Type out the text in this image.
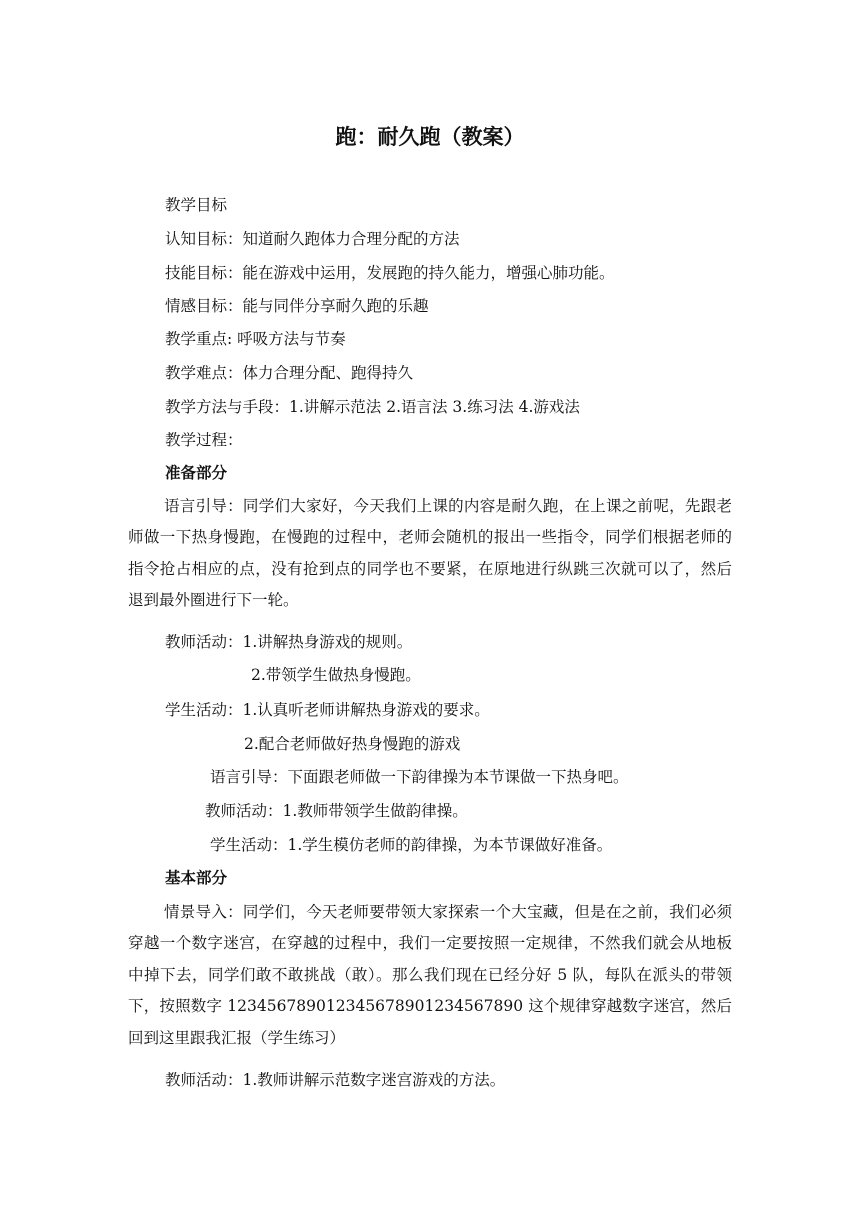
跑：耐久跑（教案）
教学目标
认知目标：知道耐久跑体力合理分配的方法
技能目标：能在游戏中运用，发展跑的持久能力，增强心肺功能。
情感目标：能与同伴分享耐久跑的乐趣
教学重点: 呼吸方法与节奏
教学难点：体力合理分配、跑得持久
教学方法与手段：1.讲解示范法 2.语言法 3.练习法 4.游戏法
教学过程：
准备部分
语言引导：同学们大家好，今天我们上课的内容是耐久跑，在上课之前呢，先跟老师做一下热身慢跑，在慢跑的过程中，老师会随机的报出一些指令，同学们根据老师的指令抢占相应的点，没有抢到点的同学也不要紧，在原地进行纵跳三次就可以了，然后退到最外圈进行下一轮。
教师活动：1.讲解热身游戏的规则。
2.带领学生做热身慢跑。
学生活动：1.认真听老师讲解热身游戏的要求。
2.配合老师做好热身慢跑的游戏
语言引导：下面跟老师做一下韵律操为本节课做一下热身吧。
教师活动：1.教师带领学生做韵律操。
学生活动：1.学生模仿老师的韵律操，为本节课做好准备。
基本部分
情景导入：同学们，今天老师要带领大家探索一个大宝藏，但是在之前，我们必须穿越一个数字迷宫，在穿越的过程中，我们一定要按照一定规律，不然我们就会从地板中掉下去，同学们敢不敢挑战（敢）。那么我们现在已经分好 5 队，每队在派头的带领下，按照数字 123456789012345678901234567890 这个规律穿越数字迷宫，然后回到这里跟我汇报（学生练习）
教师活动：1.教师讲解示范数字迷宫游戏的方法。
